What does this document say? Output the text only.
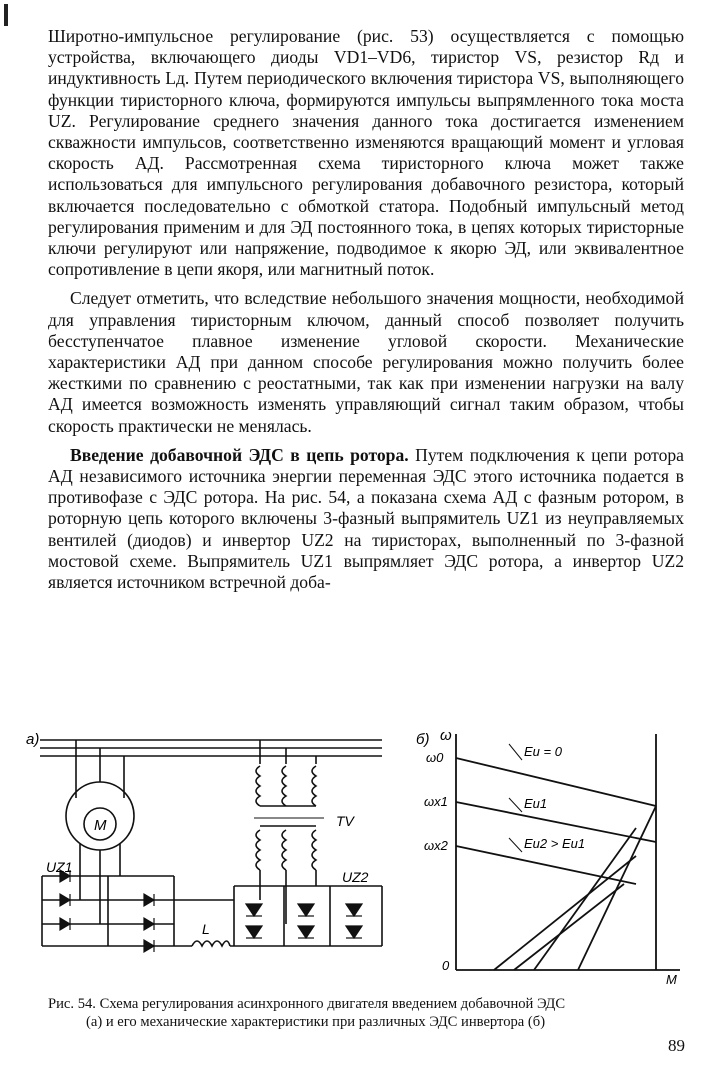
Широтно-импульсное регулирование (рис. 53) осуществляется с помощью устройства, включающего диоды VD1–VD6, тиристор VS, резистор Rд и индуктивность Lд. Путем периодического включения тиристора VS, выполняющего функции тиристорного ключа, формируются импульсы выпрямленного тока моста UZ. Регулирование среднего значения данного тока достигается изменением скважности импульсов, соответственно изменяются вращающий момент и угловая скорость АД. Рассмотренная схема тиристорного ключа может также использоваться для импульсного регулирования добавочного резистора, который включается последовательно с обмоткой статора. Подобный импульсный метод регулирования применим и для ЭД постоянного тока, в цепях которых тиристорные ключи регулируют или напряжение, подводимое к якорю ЭД, или эквивалентное сопротивление в цепи якоря, или магнитный поток.

Следует отметить, что вследствие небольшого значения мощности, необходимой для управления тиристорным ключом, данный способ позволяет получить бесступенчатое плавное изменение угловой скорости. Механические характеристики АД при данном способе регулирования можно получить более жесткими по сравнению с реостатными, так как при изменении нагрузки на валу АД имеется возможность изменять управляющий сигнал таким образом, чтобы скорость практически не менялась.

Введение добавочной ЭДС в цепь ротора. Путем подключения к цепи ротора АД независимого источника энергии переменная ЭДС этого источника подается в противофазе с ЭДС ротора. На рис. 54, а показана схема АД с фазным ротором, в роторную цепь которого включены 3-фазный выпрямитель UZ1 из неуправляемых вентилей (диодов) и инвертор UZ2 на тиристорах, выполненный по 3-фазной мостовой схеме. Выпрямитель UZ1 выпрямляет ЭДС ротора, а инвертор UZ2 является источником встречной доба-

а)
M
UZ1
UZ2
TV
L
б) ω
ω0
ωх1
ωх2
Eи = 0
Eи1
Eи2 > Eи1
0
M
Рис. 54. Схема регулирования асинхронного двигателя введением добавочной ЭДС
(а) и его механические характеристики при различных ЭДС инвертора (б)
89
